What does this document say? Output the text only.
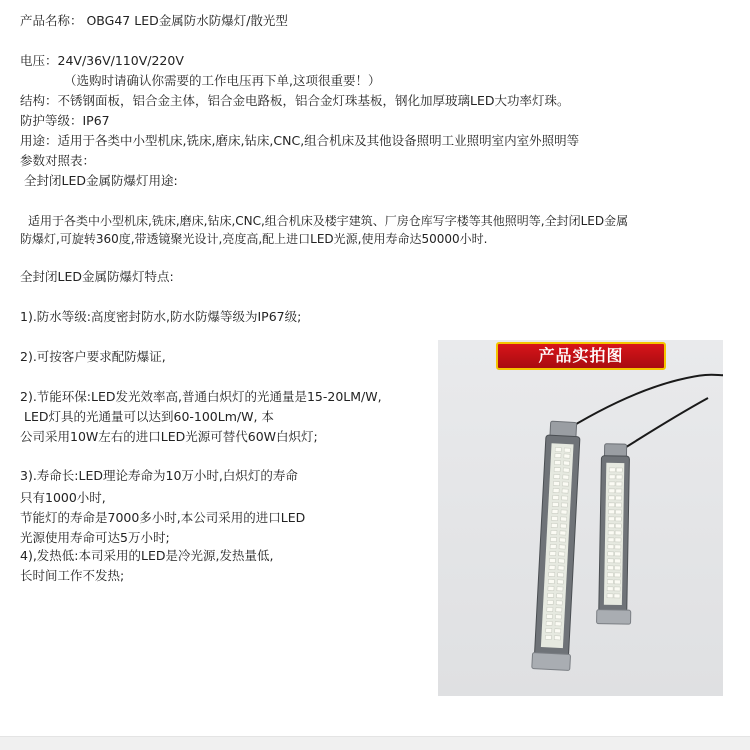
产品名称： OBG47 LED金属防水防爆灯/散光型
电压：24V/36V/110V/220V
（选购时请确认你需要的工作电压再下单,这项很重要！）
结构：不锈钢面板，铝合金主体，铝合金电路板，铝合金灯珠基板，钢化加厚玻璃LED大功率灯珠。
防护等级：IP67
用途：适用于各类中小型机床,铣床,磨床,钻床,CNC,组合机床及其他设备照明工业照明室内室外照明等
参数对照表：
全封闭LED金属防爆灯用途:
适用于各类中小型机床,铣床,磨床,钻床,CNC,组合机床及楼宇建筑、厂房仓库写字楼等其他照明等,全封闭LED金属
防爆灯,可旋转360度,带透镜聚光设计,亮度高,配上进口LED光源,使用寿命达50000小时.
全封闭LED金属防爆灯特点:
1).防水等级:高度密封防水,防水防爆等级为IP67级;
2).可按客户要求配防爆证,
2).节能环保:LED发光效率高,普通白炽灯的光通量是15-20LM/W,
LED灯具的光通量可以达到60-100Lm/W, 本
公司采用10W左右的进口LED光源可替代60W白炽灯;
3).寿命长:LED理论寿命为10万小时,白炽灯的寿命
只有1000小时,
节能灯的寿命是7000多小时,本公司采用的进口LED
光源使用寿命可达5万小时;
4),发热低:本司采用的LED是冷光源,发热量低,
长时间工作不发热;
产品实拍图
